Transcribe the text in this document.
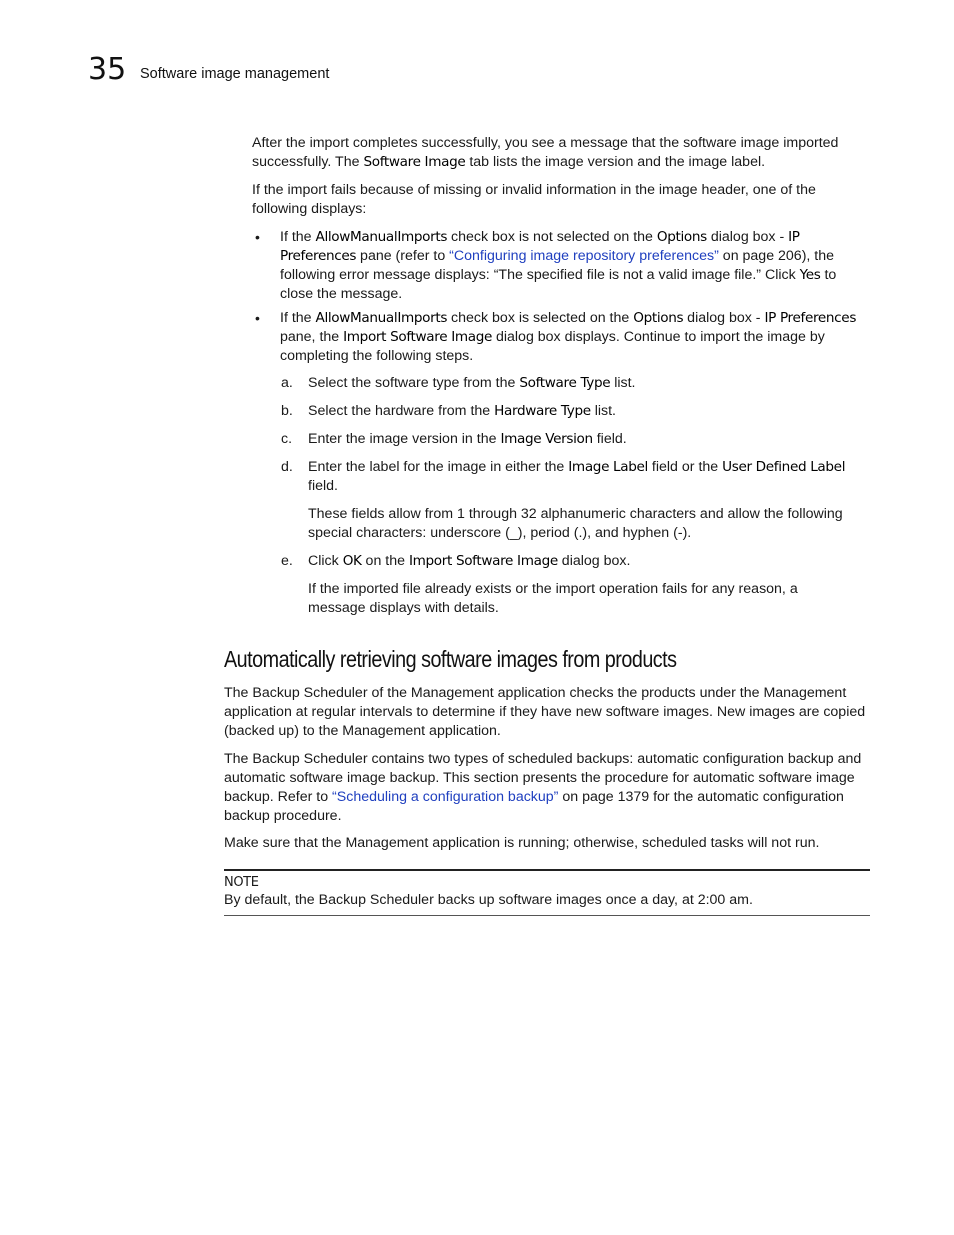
35 Software image management

After the import completes successfully, you see a message that the software image imported successfully. The Software Image tab lists the image version and the image label.

If the import fails because of missing or invalid information in the image header, one of the following displays:

• If the AllowManualImports check box is not selected on the Options dialog box - IP Preferences pane (refer to “Configuring image repository preferences” on page 206), the following error message displays: “The specified file is not a valid image file.” Click Yes to close the message.

• If the AllowManualImports check box is selected on the Options dialog box - IP Preferences pane, the Import Software Image dialog box displays. Continue to import the image by completing the following steps.

a. Select the software type from the Software Type list.

b. Select the hardware from the Hardware Type list.

c. Enter the image version in the Image Version field.

d. Enter the label for the image in either the Image Label field or the User Defined Label field.

These fields allow from 1 through 32 alphanumeric characters and allow the following special characters: underscore (_), period (.), and hyphen (-).

e. Click OK on the Import Software Image dialog box.

If the imported file already exists or the import operation fails for any reason, a message displays with details.

Automatically retrieving software images from products

The Backup Scheduler of the Management application checks the products under the Management application at regular intervals to determine if they have new software images. New images are copied (backed up) to the Management application.

The Backup Scheduler contains two types of scheduled backups: automatic configuration backup and automatic software image backup. This section presents the procedure for automatic software image backup. Refer to “Scheduling a configuration backup” on page 1379 for the automatic configuration backup procedure.

Make sure that the Management application is running; otherwise, scheduled tasks will not run.

NOTE
By default, the Backup Scheduler backs up software images once a day, at 2:00 am.
